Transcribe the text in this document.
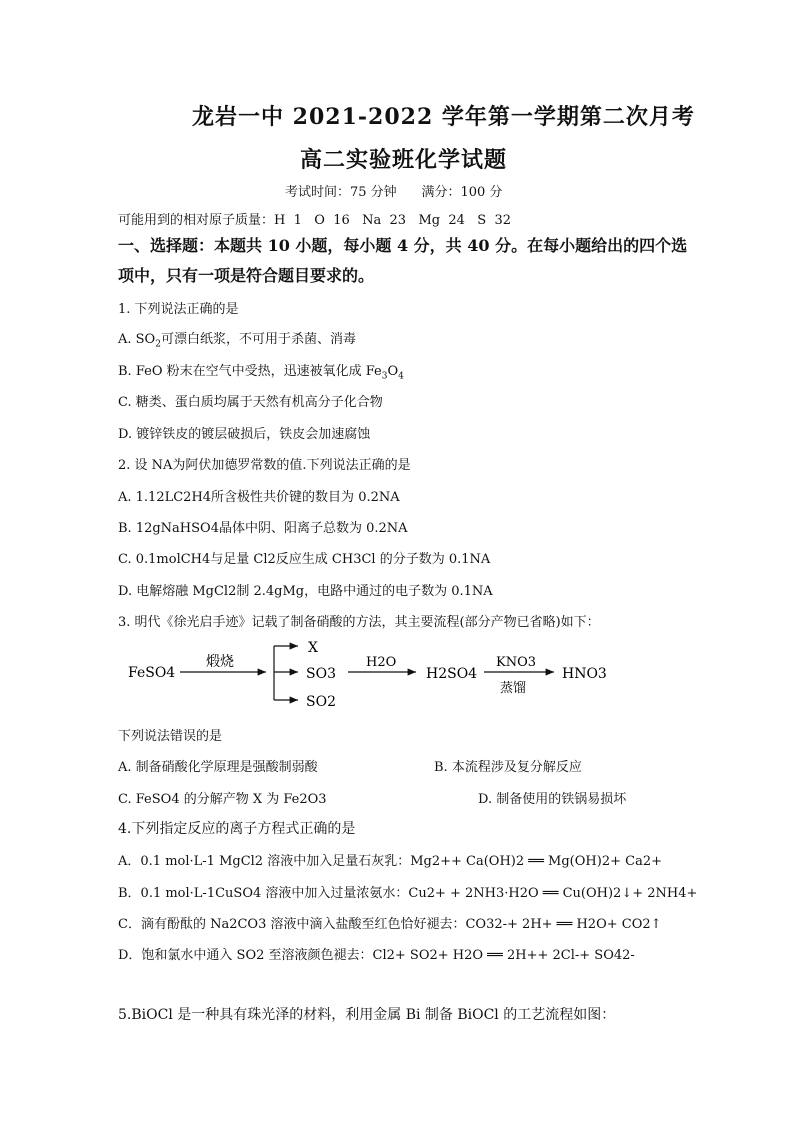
龙岩一中 2021-2022 学年第一学期第二次月考
高二实验班化学试题
考试时间：75 分钟      满分：100 分
可能用到的相对原子质量：H  1   O  16   Na  23   Mg  24   S  32
一、选择题：本题共 10 小题，每小题 4 分，共 40 分。在每小题给出的四个选
项中，只有一项是符合题目要求的。
1. 下列说法正确的是
A. $SO_2$可漂白纸浆，不可用于杀菌、消毒
B. FeO 粉末在空气中受热，迅速被氧化成 $Fe_3O_4$
C. 糖类、蛋白质均属于天然有机高分子化合物
D. 镀锌铁皮的镀层破损后，铁皮会加速腐蚀
2. 设 NA为阿伏加德罗常数的值.下列说法正确的是
A. 1.12LC2H4所含极性共价键的数目为 0.2NA
B. 12gNaHSO4晶体中阴、阳离子总数为 0.2NA
C. 0.1molCH4与足量 Cl2反应生成 CH3Cl 的分子数为 0.1NA
D. 电解熔融 MgCl2制 2.4gMg，电路中通过的电子数为 0.1NA
3. 明代《徐光启手迹》记载了制备硝酸的方法，其主要流程(部分产物已省略)如下：
FeSO4
煅烧
X
SO3
SO2
H2O
H2SO4
KNO3
蒸馏
HNO3
下列说法错误的是
A. 制备硝酸化学原理是强酸制弱酸	B. 本流程涉及复分解反应
C. FeSO4 的分解产物 X 为 Fe2O3	D. 制备使用的铁锅易损坏
4.下列指定反应的离子方程式正确的是
A．0.1 mol·L-1 MgCl2 溶液中加入足量石灰乳：Mg2++ Ca(OH)2 ══ Mg(OH)2+ Ca2+
B．0.1 mol·L-1CuSO4 溶液中加入过量浓氨水：Cu2+ + 2NH3·H2O ══ Cu(OH)2↓+ 2NH4+
C．滴有酚酞的 Na2CO3 溶液中滴入盐酸至红色恰好褪去：CO32-+ 2H+ ══ H2O+ CO2↑
D．饱和氯水中通入 SO2 至溶液颜色褪去：Cl2+ SO2+ H2O ══ 2H++ 2Cl-+ SO42-
5.BiOCl 是一种具有珠光泽的材料，利用金属 Bi 制备 BiOCl 的工艺流程如图：
